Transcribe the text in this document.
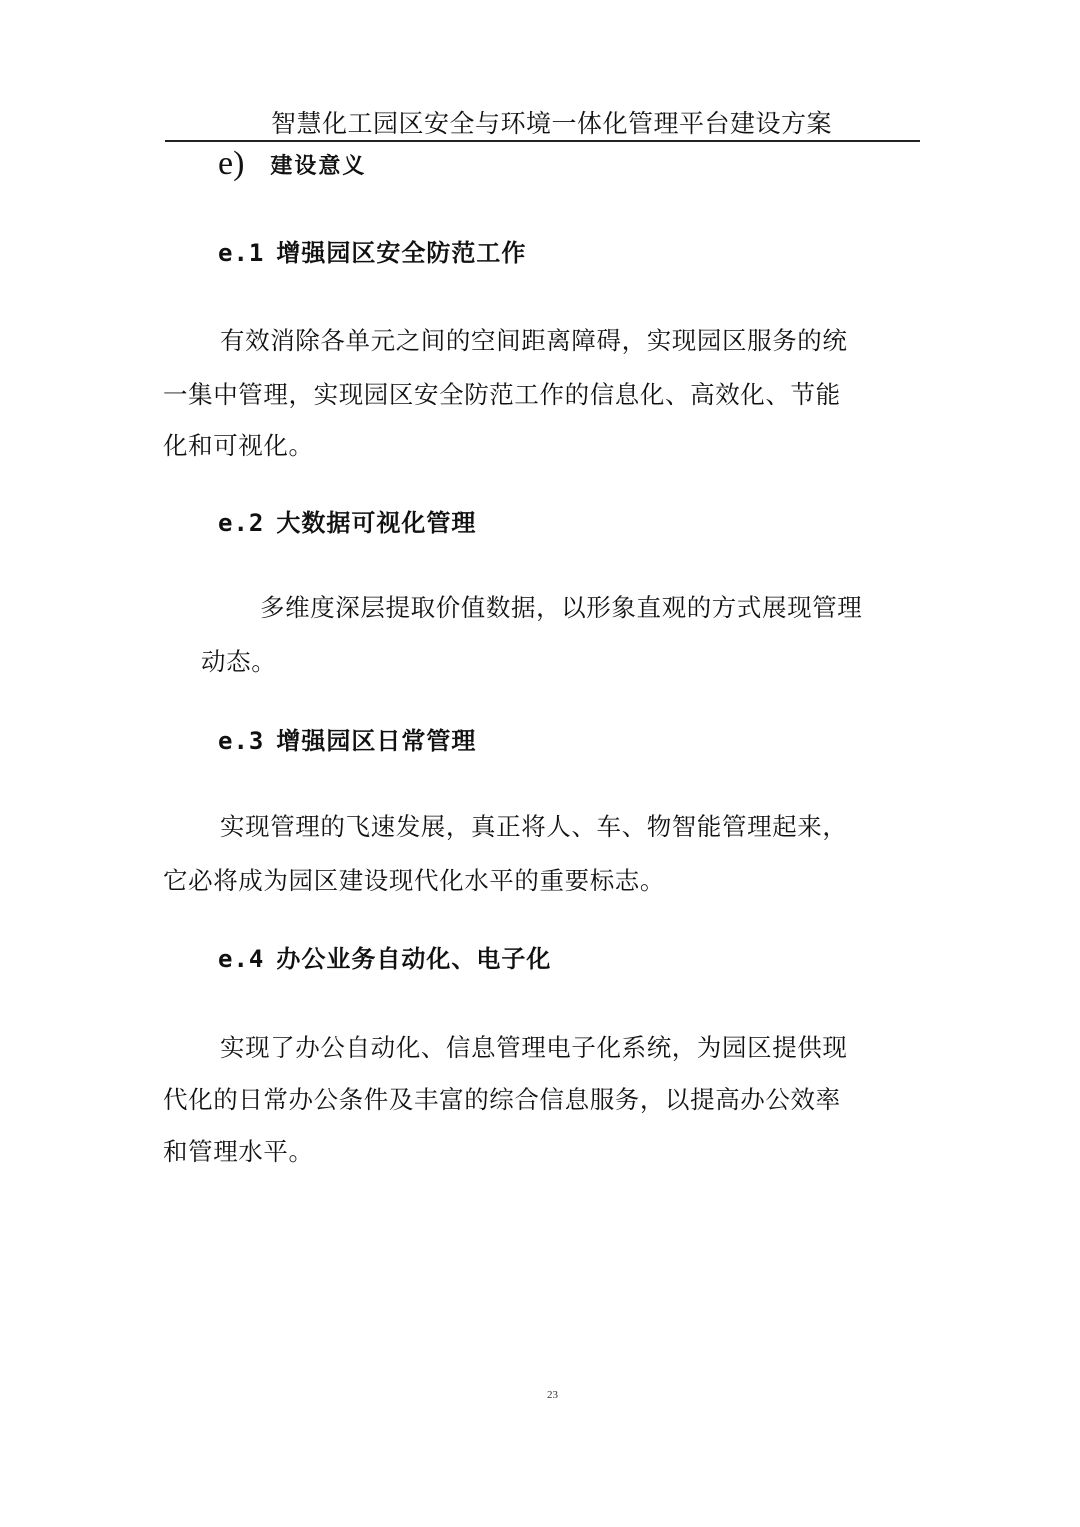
智慧化工园区安全与环境一体化管理平台建设方案
e) 建设意义
e.1 增强园区安全防范工作
有效消除各单元之间的空间距离障碍，实现园区服务的统
一集中管理，实现园区安全防范工作的信息化、高效化、节能
化和可视化。
e.2 大数据可视化管理
多维度深层提取价值数据，以形象直观的方式展现管理
动态。
e.3 增强园区日常管理
实现管理的飞速发展，真正将人、车、物智能管理起来，
它必将成为园区建设现代化水平的重要标志。
e.4 办公业务自动化、电子化
实现了办公自动化、信息管理电子化系统，为园区提供现
代化的日常办公条件及丰富的综合信息服务，以提高办公效率
和管理水平。
23
